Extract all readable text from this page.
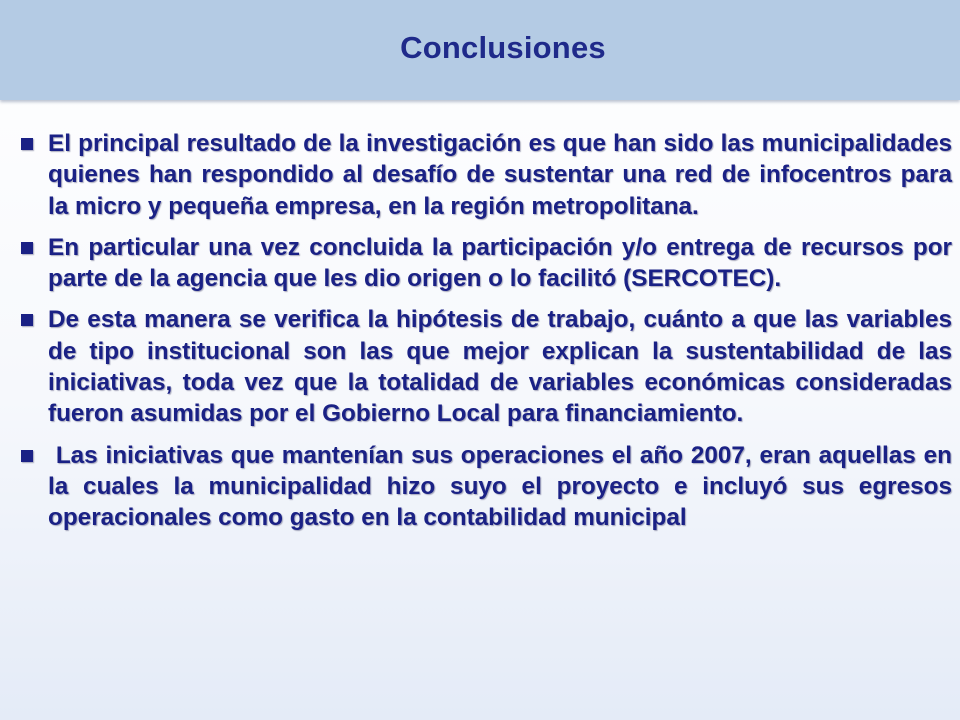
Conclusiones
El principal resultado de la investigación es que han sido las municipalidades quienes han respondido al desafío de sustentar una red de infocentros para la micro y pequeña empresa, en la región metropolitana.
En particular una vez concluida la participación y/o entrega de recursos por parte de la agencia que les dio origen o lo facilitó (SERCOTEC).
De esta manera se verifica la hipótesis de trabajo, cuánto a que las variables de tipo institucional son las que mejor explican la sustentabilidad de las iniciativas, toda vez que la totalidad de variables económicas consideradas fueron asumidas por el Gobierno Local para financiamiento.
Las iniciativas que mantenían sus operaciones el año 2007, eran aquellas en la cuales la municipalidad hizo suyo el proyecto e incluyó sus egresos operacionales como gasto en la contabilidad municipal
